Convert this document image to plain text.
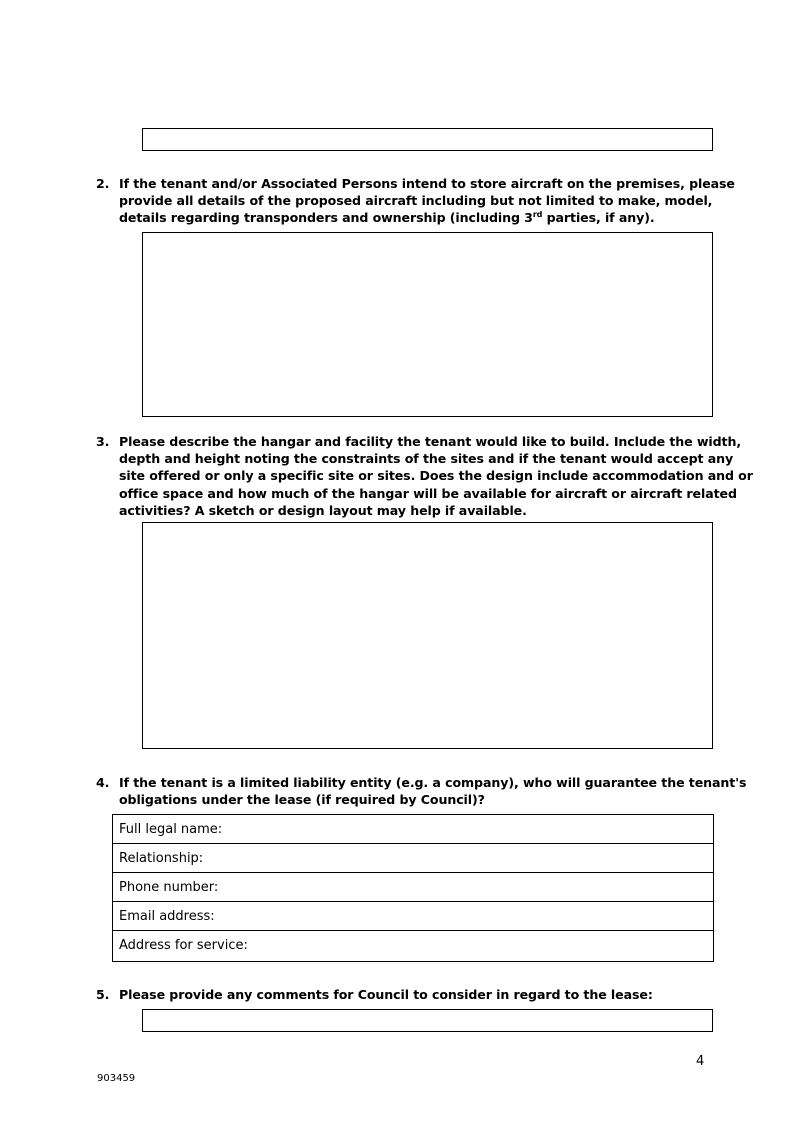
2. If the tenant and/or Associated Persons intend to store aircraft on the premises, please
provide all details of the proposed aircraft including but not limited to make, model,
details regarding transponders and ownership (including 3rd parties, if any).
3. Please describe the hangar and facility the tenant would like to build. Include the width,
depth and height noting the constraints of the sites and if the tenant would accept any
site offered or only a specific site or sites. Does the design include accommodation and or
office space and how much of the hangar will be available for aircraft or aircraft related
activities? A sketch or design layout may help if available.
4. If the tenant is a limited liability entity (e.g. a company), who will guarantee the tenant's
obligations under the lease (if required by Council)?
Full legal name:
Relationship:
Phone number:
Email address:
Address for service:
5. Please provide any comments for Council to consider in regard to the lease:
4
903459
